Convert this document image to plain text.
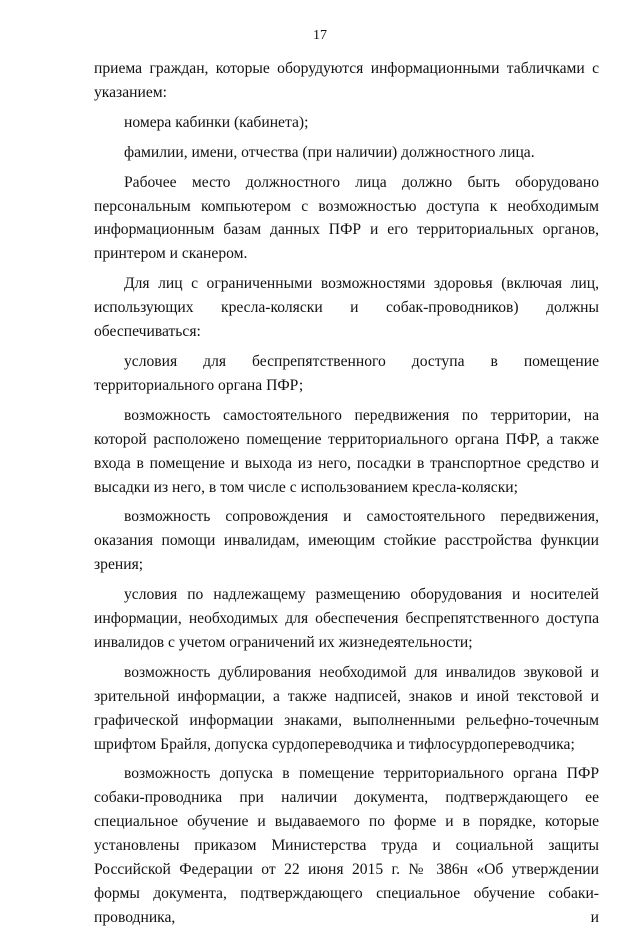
17

приема граждан, которые оборудуются информационными табличками с указанием:

номера кабинки (кабинета);

фамилии, имени, отчества (при наличии) должностного лица.

Рабочее место должностного лица должно быть оборудовано персональным компьютером с возможностью доступа к необходимым информационным базам данных ПФР и его территориальных органов, принтером и сканером.

Для лиц с ограниченными возможностями здоровья (включая лиц, использующих кресла-коляски и собак-проводников) должны обеспечиваться:

условия для беспрепятственного доступа в помещение территориального органа ПФР;

возможность самостоятельного передвижения по территории, на которой расположено помещение территориального органа ПФР, а также входа в помещение и выхода из него, посадки в транспортное средство и высадки из него, в том числе с использованием кресла-коляски;

возможность сопровождения и самостоятельного передвижения, оказания помощи инвалидам, имеющим стойкие расстройства функции зрения;

условия по надлежащему размещению оборудования и носителей информации, необходимых для обеспечения беспрепятственного доступа инвалидов с учетом ограничений их жизнедеятельности;

возможность дублирования необходимой для инвалидов звуковой и зрительной информации, а также надписей, знаков и иной текстовой и графической информации знаками, выполненными рельефно-точечным шрифтом Брайля, допуска сурдопереводчика и тифлосурдопереводчика;

возможность допуска в помещение территориального органа ПФР собаки-проводника при наличии документа, подтверждающего ее специальное обучение и выдаваемого по форме и в порядке, которые установлены приказом Министерства труда и социальной защиты Российской Федерации от 22 июня 2015 г. № 386н «Об утверждении формы документа, подтверждающего специальное обучение собаки-проводника, и
